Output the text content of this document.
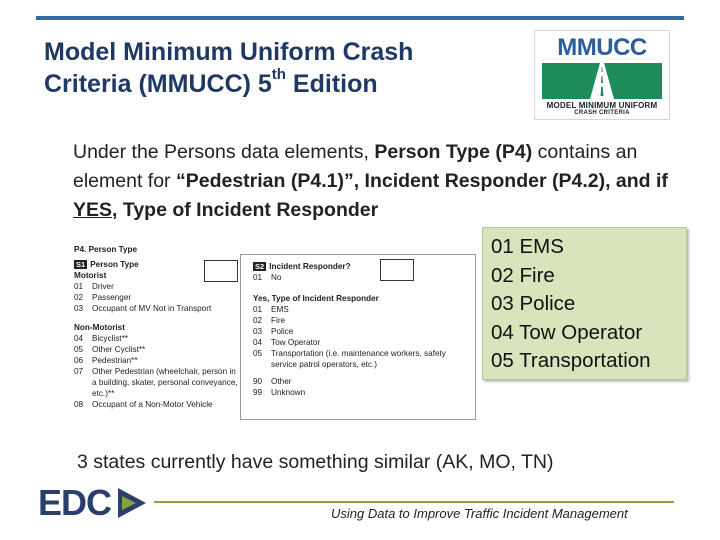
Model Minimum Uniform Crash
Criteria (MMUCC) 5th Edition
MMUCC
MODEL MINIMUM UNIFORM
CRASH CRITERIA
Under the Persons data elements, Person Type (P4) contains an element for “Pedestrian (P4.1)”, Incident Responder (P4.2), and if YES, Type of Incident Responder
P4. Person Type
S1 Person Type
Motorist
01	Driver
02	Passenger
03	Occupant of MV Not in Transport
Non-Motorist
04	Bicyclist**
05	Other Cyclist**
06	Pedestrian**
07	Other Pedestrian (wheelchair, person in a building, skater, personal conveyance, etc.)**
08	Occupant of a Non-Motor Vehicle
S2 Incident Responder?
01	No
Yes, Type of Incident Responder
01	EMS
02	Fire
03	Police
04	Tow Operator
05	Transportation (i.e. maintenance workers, safety service patrol operators, etc.)
90	Other
99	Unknown
01 EMS
02 Fire
03 Police
04 Tow Operator
05 Transportation
3 states currently have something similar (AK, MO, TN)
EDC	Using Data to Improve Traffic Incident Management
